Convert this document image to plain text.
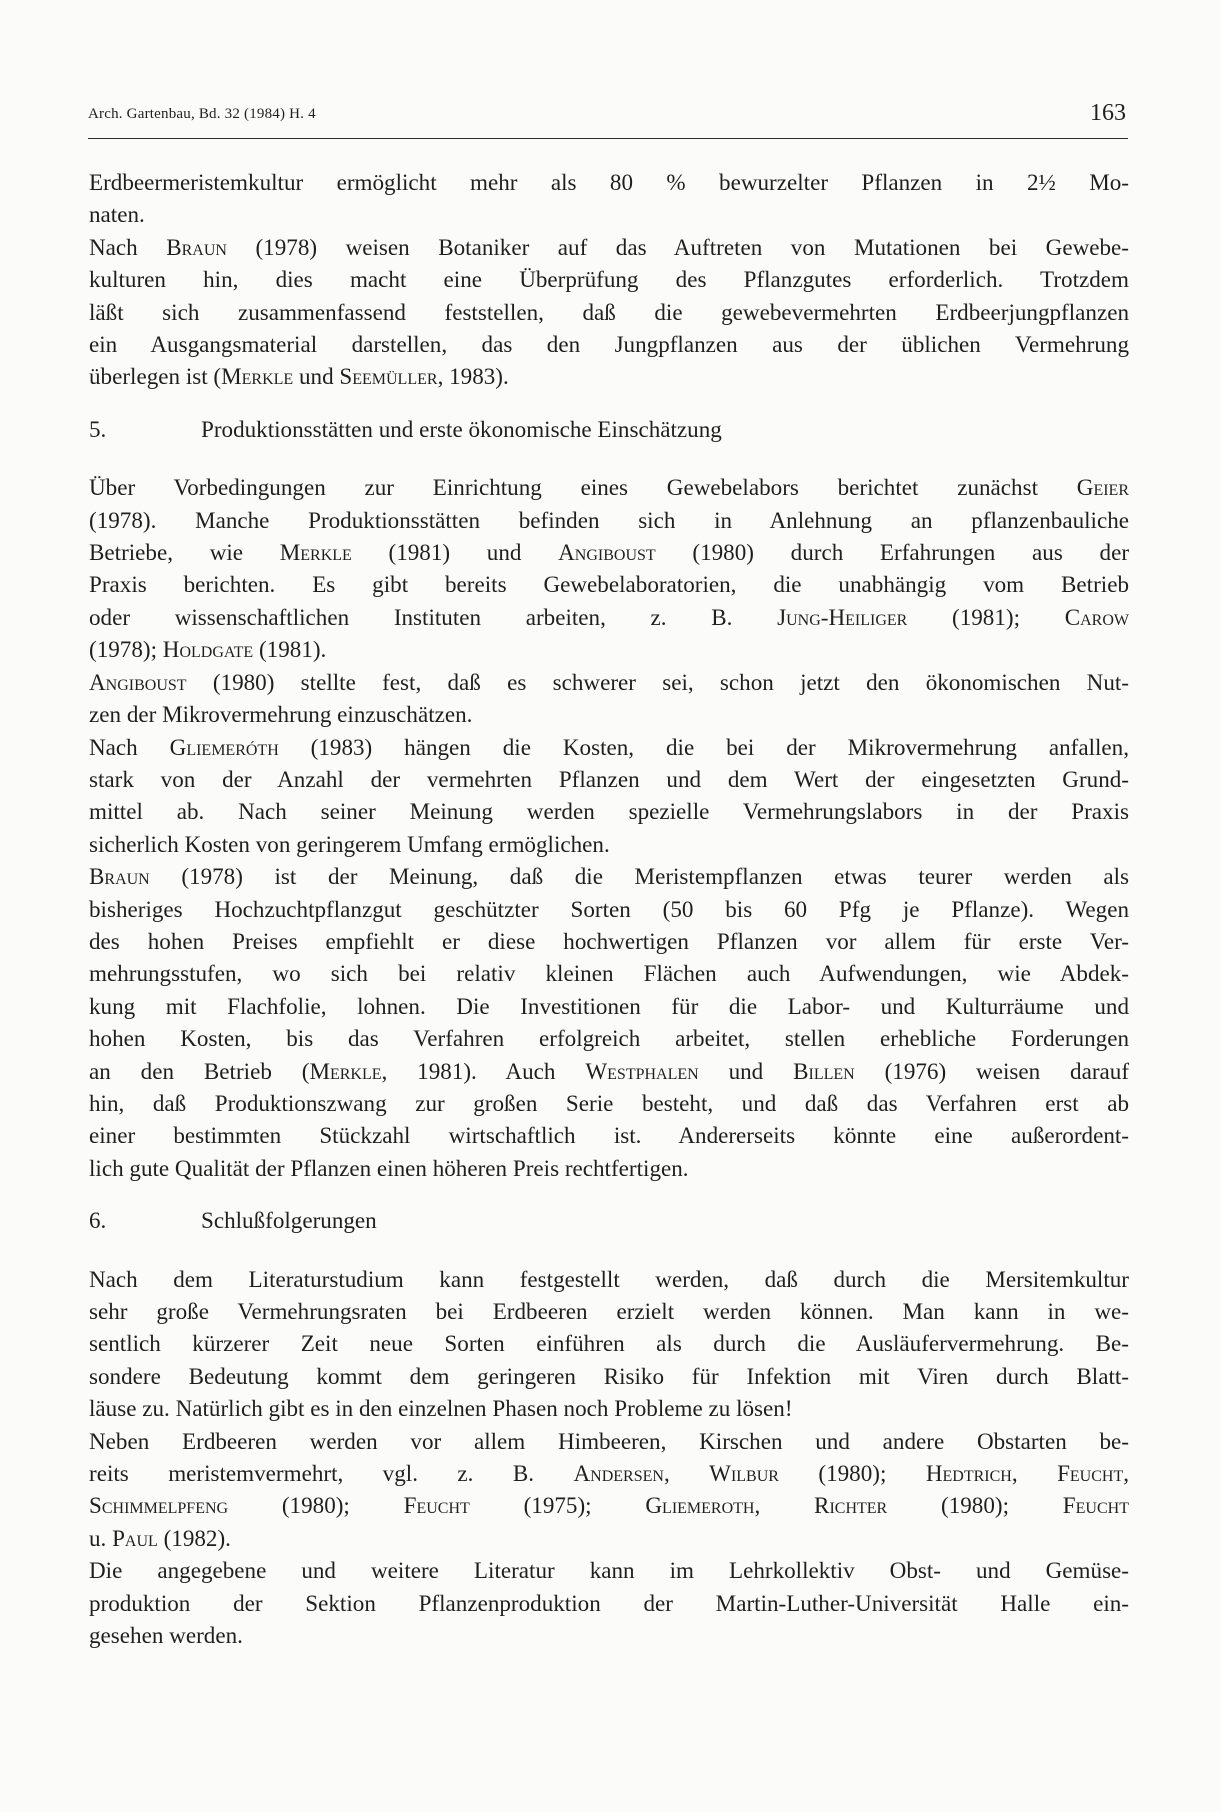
Arch. Gartenbau, Bd. 32 (1984) H. 4	163

Erdbeermeristemkultur ermöglicht mehr als 80 % bewurzelter Pflanzen in 2½ Mo-
naten.

Nach Braun (1978) weisen Botaniker auf das Auftreten von Mutationen bei Gewebe-
kulturen hin, dies macht eine Überprüfung des Pflanzgutes erforderlich. Trotzdem
läßt sich zusammenfassend feststellen, daß die gewebevermehrten Erdbeerjungpflanzen
ein Ausgangsmaterial darstellen, das den Jungpflanzen aus der üblichen Vermehrung
überlegen ist (Merkle und Seemüller, 1983).

5.	Produktionsstätten und erste ökonomische Einschätzung

Über Vorbedingungen zur Einrichtung eines Gewebelabors berichtet zunächst Geier
(1978). Manche Produktionsstätten befinden sich in Anlehnung an pflanzenbauliche
Betriebe, wie Merkle (1981) und Angiboust (1980) durch Erfahrungen aus der
Praxis berichten. Es gibt bereits Gewebelaboratorien, die unabhängig vom Betrieb
oder wissenschaftlichen Instituten arbeiten, z. B. Jung-Heiliger (1981); Carow
(1978); Holdgate (1981).

Angiboust (1980) stellte fest, daß es schwerer sei, schon jetzt den ökonomischen Nut-
zen der Mikrovermehrung einzuschätzen.

Nach Gliemeróth (1983) hängen die Kosten, die bei der Mikrovermehrung anfallen,
stark von der Anzahl der vermehrten Pflanzen und dem Wert der eingesetzten Grund-
mittel ab. Nach seiner Meinung werden spezielle Vermehrungslabors in der Praxis
sicherlich Kosten von geringerem Umfang ermöglichen.

Braun (1978) ist der Meinung, daß die Meristempflanzen etwas teurer werden als
bisheriges Hochzuchtpflanzgut geschützter Sorten (50 bis 60 Pfg je Pflanze). Wegen
des hohen Preises empfiehlt er diese hochwertigen Pflanzen vor allem für erste Ver-
mehrungsstufen, wo sich bei relativ kleinen Flächen auch Aufwendungen, wie Abdek-
kung mit Flachfolie, lohnen. Die Investitionen für die Labor- und Kulturräume und
hohen Kosten, bis das Verfahren erfolgreich arbeitet, stellen erhebliche Forderungen
an den Betrieb (Merkle, 1981). Auch Westphalen und Billen (1976) weisen darauf
hin, daß Produktionszwang zur großen Serie besteht, und daß das Verfahren erst ab
einer bestimmten Stückzahl wirtschaftlich ist. Andererseits könnte eine außerordent-
lich gute Qualität der Pflanzen einen höheren Preis rechtfertigen.

6.	Schlußfolgerungen

Nach dem Literaturstudium kann festgestellt werden, daß durch die Mersitemkultur
sehr große Vermehrungsraten bei Erdbeeren erzielt werden können. Man kann in we-
sentlich kürzerer Zeit neue Sorten einführen als durch die Ausläufervermehrung. Be-
sondere Bedeutung kommt dem geringeren Risiko für Infektion mit Viren durch Blatt-
läuse zu. Natürlich gibt es in den einzelnen Phasen noch Probleme zu lösen!

Neben Erdbeeren werden vor allem Himbeeren, Kirschen und andere Obstarten be-
reits meristemvermehrt, vgl. z. B. Andersen, Wilbur (1980); Hedtrich, Feucht,
Schimmelpfeng (1980); Feucht (1975); Gliemeroth, Richter (1980); Feucht
u. Paul (1982).

Die angegebene und weitere Literatur kann im Lehrkollektiv Obst- und Gemüse-
produktion der Sektion Pflanzenproduktion der Martin-Luther-Universität Halle ein-
gesehen werden.
